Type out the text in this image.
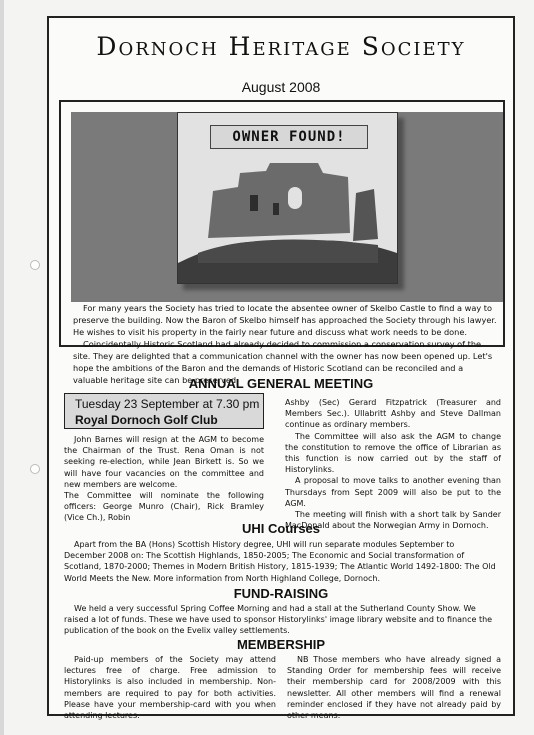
Dornoch Heritage Society
August 2008
OWNER FOUND!

For many years the Society has tried to locate the absentee owner of Skelbo Castle to find a way to preserve the building. Now the Baron of Skelbo himself has approached the Society through his lawyer. He wishes to visit his property in the fairly near future and discuss what work needs to be done.

Coincidentally Historic Scotland had already decided to commission a conservation survey of the site. They are delighted that a communication channel with the owner has now been opened up. Let's hope the ambitions of the Baron and the demands of Historic Scotland can be reconciled and a valuable heritage site can be preserved.

ANNUAL GENERAL MEETING
Tuesday 23 September at 7.30 pm
Royal Dornoch Golf Club

John Barnes will resign at the AGM to become the Chairman of the Trust. Rena Oman is not seeking re-election, while Jean Birkett is. So we will have four vacancies on the committee and new members are welcome.

The Committee will nominate the following officers: George Munro (Chair), Rick Bramley (Vice Ch.), Robin

Ashby (Sec) Gerard Fitzpatrick (Treasurer and Members Sec.). Ullabritt Ashby and Steve Dallman continue as ordinary members.

The Committee will also ask the AGM to change the constitution to remove the office of Librarian as this function is now carried out by the staff of Historylinks.

A proposal to move talks to another evening than Thursdays from Sept 2009 will also be put to the AGM.

The meeting will finish with a short talk by Sander MacDonald about the Norwegian Army in Dornoch.

UHI Courses
Apart from the BA (Hons) Scottish History degree, UHI will run separate modules September to December 2008 on: The Scottish Highlands, 1850-2005; The Economic and Social transformation of Scotland, 1870-2000; Themes in Modern British History, 1815-1939; The Atlantic World 1492-1800: The Old World Meets the New. More information from North Highland College, Dornoch.
FUND-RAISING
We held a very successful Spring Coffee Morning and had a stall at the Sutherland County Show. We raised a lot of funds. These we have used to sponsor Historylinks' image library website and to finance the publication of the book on the Evelix valley settlements.
MEMBERSHIP
Paid-up members of the Society may attend lectures free of charge. Free admission to Historylinks is also included in membership. Non-members are required to pay for both activities. Please have your membership-card with you when attending lectures.
NB Those members who have already signed a Standing Order for membership fees will receive their membership card for 2008/2009 with this newsletter. All other members will find a renewal reminder enclosed if they have not already paid by other means.
